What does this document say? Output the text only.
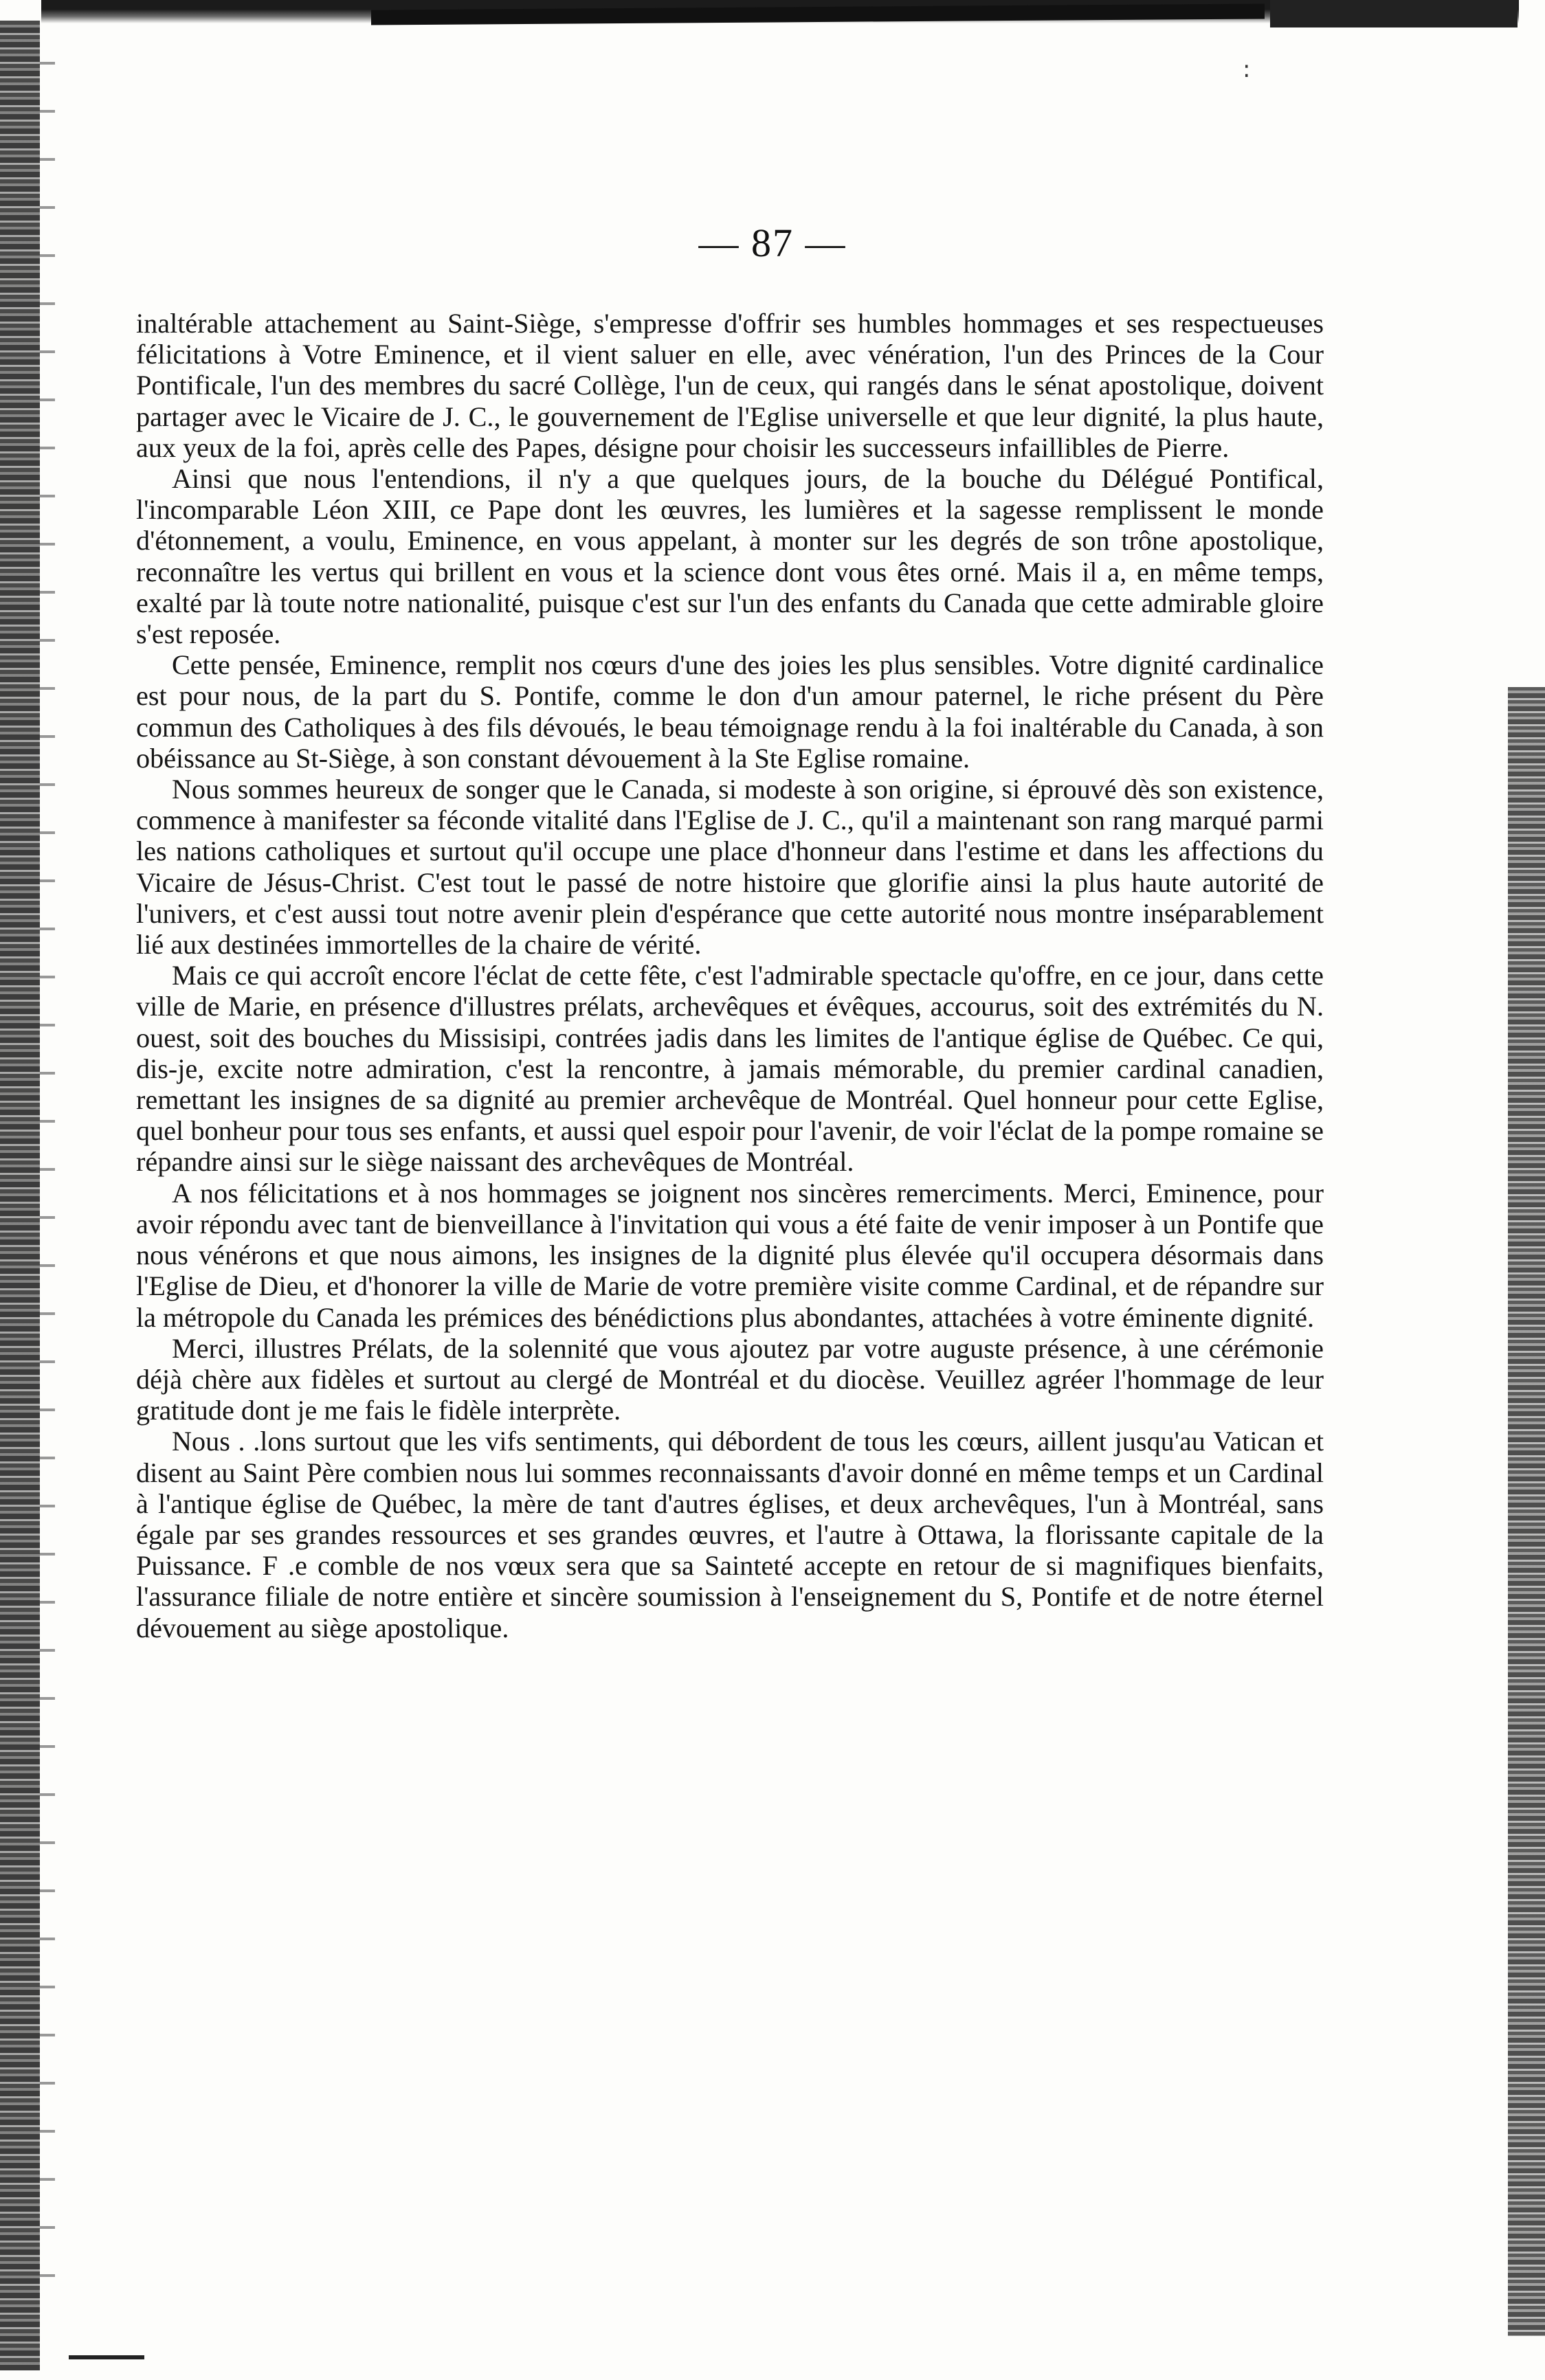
:
— 87 —

inaltérable attachement au Saint-Siège, s'empresse d'offrir ses humbles hommages et ses respectueuses félicitations à Votre Eminence, et il vient saluer en elle, avec vénération, l'un des Princes de la Cour Pontificale, l'un des membres du sacré Collège, l'un de ceux, qui rangés dans le sénat apostolique, doivent partager avec le Vicaire de J. C., le gouvernement de l'Eglise universelle et que leur dignité, la plus haute, aux yeux de la foi, après celle des Papes, désigne pour choisir les successeurs infaillibles de Pierre.

Ainsi que nous l'entendions, il n'y a que quelques jours, de la bouche du Délégué Pontifical, l'incomparable Léon XIII, ce Pape dont les œuvres, les lumières et la sagesse remplissent le monde d'étonnement, a voulu, Eminence, en vous appelant, à monter sur les degrés de son trône apostolique, reconnaître les vertus qui brillent en vous et la science dont vous êtes orné. Mais il a, en même temps, exalté par là toute notre nationalité, puisque c'est sur l'un des enfants du Canada que cette admirable gloire s'est reposée.

Cette pensée, Eminence, remplit nos cœurs d'une des joies les plus sensibles. Votre dignité cardinalice est pour nous, de la part du S. Pontife, comme le don d'un amour paternel, le riche présent du Père commun des Catholiques à des fils dévoués, le beau témoignage rendu à la foi inaltérable du Canada, à son obéissance au St-Siège, à son constant dévouement à la Ste Eglise romaine.

Nous sommes heureux de songer que le Canada, si modeste à son origine, si éprouvé dès son existence, commence à manifester sa féconde vitalité dans l'Eglise de J. C., qu'il a maintenant son rang marqué parmi les nations catholiques et surtout qu'il occupe une place d'honneur dans l'estime et dans les affections du Vicaire de Jésus-Christ. C'est tout le passé de notre histoire que glorifie ainsi la plus haute autorité de l'univers, et c'est aussi tout notre avenir plein d'espérance que cette autorité nous montre inséparablement lié aux destinées immortelles de la chaire de vérité.

Mais ce qui accroît encore l'éclat de cette fête, c'est l'admirable spectacle qu'offre, en ce jour, dans cette ville de Marie, en présence d'illustres prélats, archevêques et évêques, accourus, soit des extrémités du N. ouest, soit des bouches du Missisipi, contrées jadis dans les limites de l'antique église de Québec. Ce qui, dis-je, excite notre admiration, c'est la rencontre, à jamais mémorable, du premier cardinal canadien, remettant les insignes de sa dignité au premier archevêque de Montréal. Quel honneur pour cette Eglise, quel bonheur pour tous ses enfants, et aussi quel espoir pour l'avenir, de voir l'éclat de la pompe romaine se répandre ainsi sur le siège naissant des archevêques de Montréal.

A nos félicitations et à nos hommages se joignent nos sincères remerciments. Merci, Eminence, pour avoir répondu avec tant de bienveillance à l'invitation qui vous a été faite de venir imposer à un Pontife que nous vénérons et que nous aimons, les insignes de la dignité plus élevée qu'il occupera désormais dans l'Eglise de Dieu, et d'honorer la ville de Marie de votre première visite comme Cardinal, et de répandre sur la métropole du Canada les prémices des bénédictions plus abondantes, attachées à votre éminente dignité.

Merci, illustres Prélats, de la solennité que vous ajoutez par votre auguste présence, à une cérémonie déjà chère aux fidèles et surtout au clergé de Montréal et du diocèse. Veuillez agréer l'hommage de leur gratitude dont je me fais le fidèle interprète.

Nous . .lons surtout que les vifs sentiments, qui débordent de tous les cœurs, aillent jusqu'au Vatican et disent au Saint Père combien nous lui sommes reconnaissants d'avoir donné en même temps et un Cardinal à l'antique église de Québec, la mère de tant d'autres églises, et deux archevêques, l'un à Montréal, sans égale par ses grandes ressources et ses grandes œuvres, et l'autre à Ottawa, la florissante capitale de la Puissance. F .e comble de nos vœux sera que sa Sainteté accepte en retour de si magnifiques bienfaits, l'assurance filiale de notre entière et sincère soumission à l'enseignement du S, Pontife et de notre éternel dévouement au siège apostolique.
